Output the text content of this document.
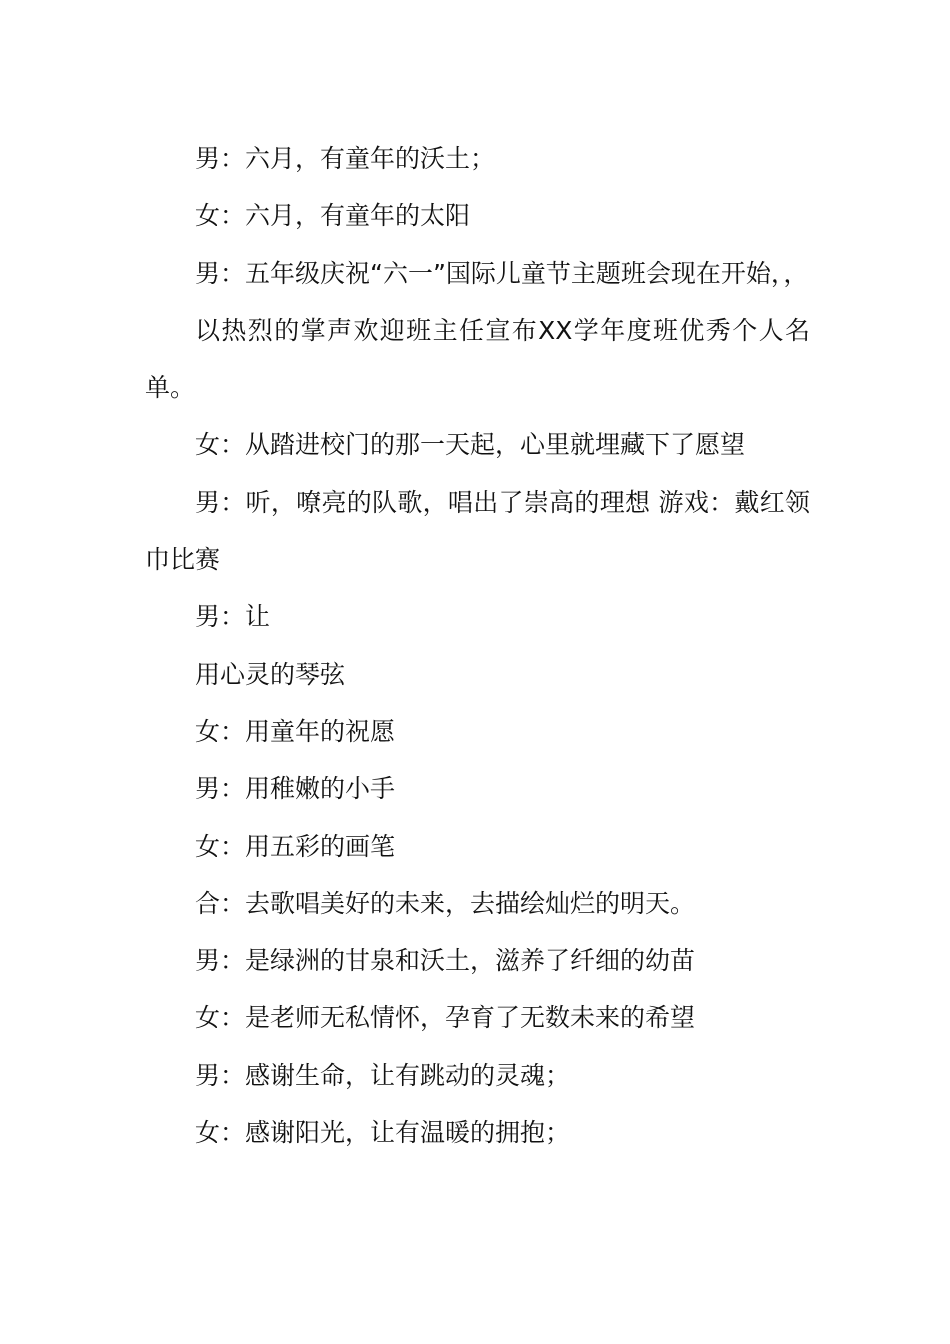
男：六月，有童年的沃土；

女：六月，有童年的太阳

男：五年级庆祝“六一”国际儿童节主题班会现在开始，，

以热烈的掌声欢迎班主任宣布XX学年度班优秀个人名单。

女：从踏进校门的那一天起，心里就埋藏下了愿望

男：听，嘹亮的队歌，唱出了崇高的理想 游戏：戴红领巾比赛

男：让

用心灵的琴弦

女：用童年的祝愿

男：用稚嫩的小手

女：用五彩的画笔

合：去歌唱美好的未来，去描绘灿烂的明天。

男：是绿洲的甘泉和沃土，滋养了纤细的幼苗

女：是老师无私情怀，孕育了无数未来的希望

男：感谢生命，让有跳动的灵魂；

女：感谢阳光，让有温暖的拥抱；
